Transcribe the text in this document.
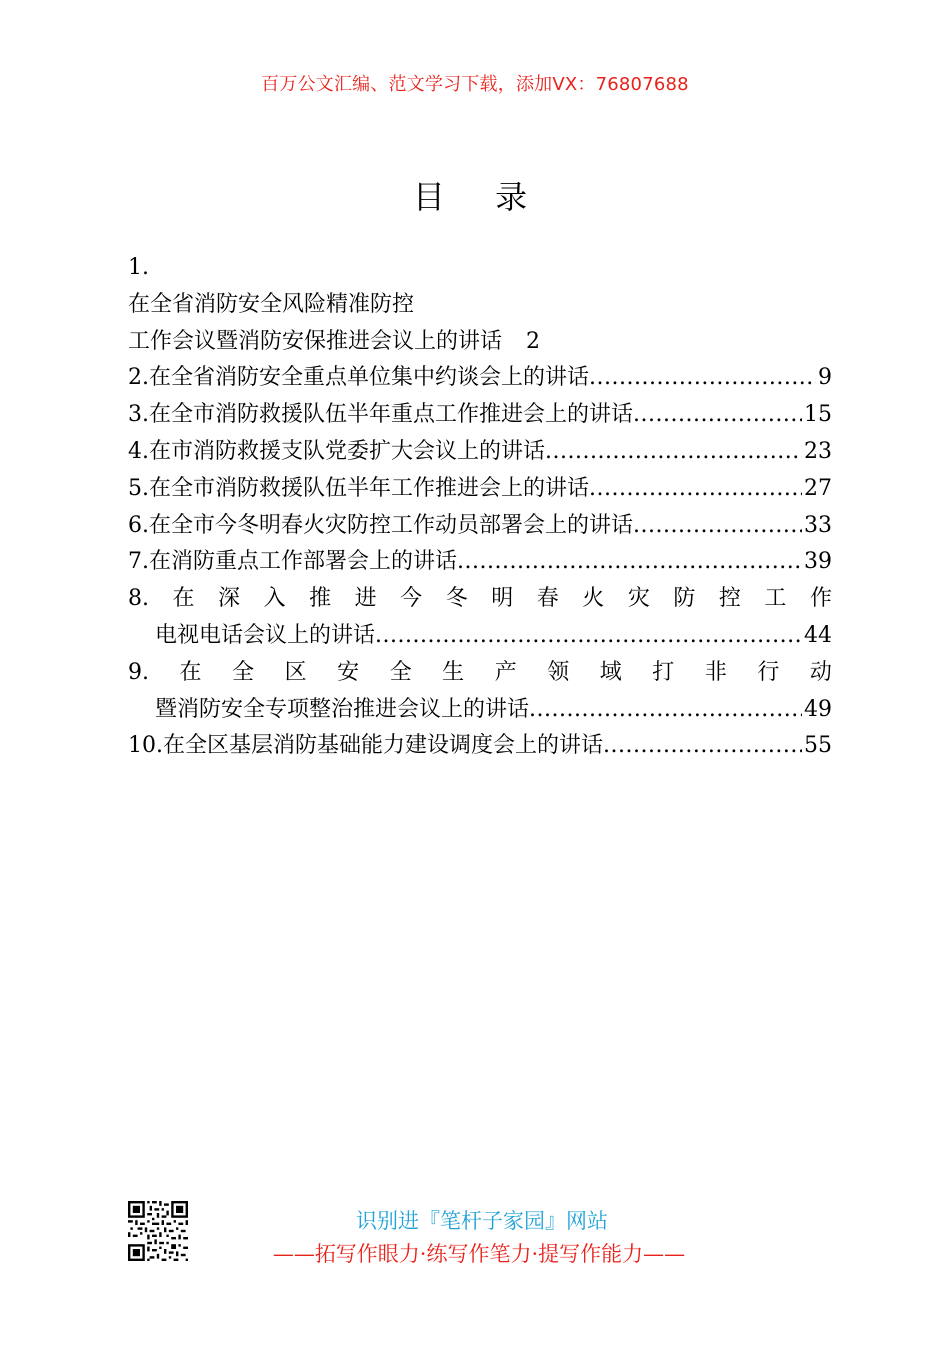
百万公文汇编、范文学习下载，添加VX：76807688
目 录
1.
在全省消防安全风险精准防控
工作会议暨消防安保推进会议上的讲话 2
2.在全省消防安全重点单位集中约谈会上的讲话 .....	9
3.在全市消防救援队伍半年重点工作推进会上的讲话 .....	15
4.在市消防救援支队党委扩大会议上的讲话 .....	23
5.在全市消防救援队伍半年工作推进会上的讲话 .....	27
6.在全市今冬明春火灾防控工作动员部署会上的讲话 .....	33
7.在消防重点工作部署会上的讲话 .....	39
8. 在 深 入 推 进 今 冬 明 春 火 灾 防 控 工 作
电视电话会议上的讲话 .....	44
9. 在 全 区 安 全 生 产 领 域 打 非 行 动
暨消防安全专项整治推进会议上的讲话 .....	49
10.在全区基层消防基础能力建设调度会上的讲话 .....	55
识别进『笔杆子家园』网站
——拓写作眼力·练写作笔力·提写作能力——
